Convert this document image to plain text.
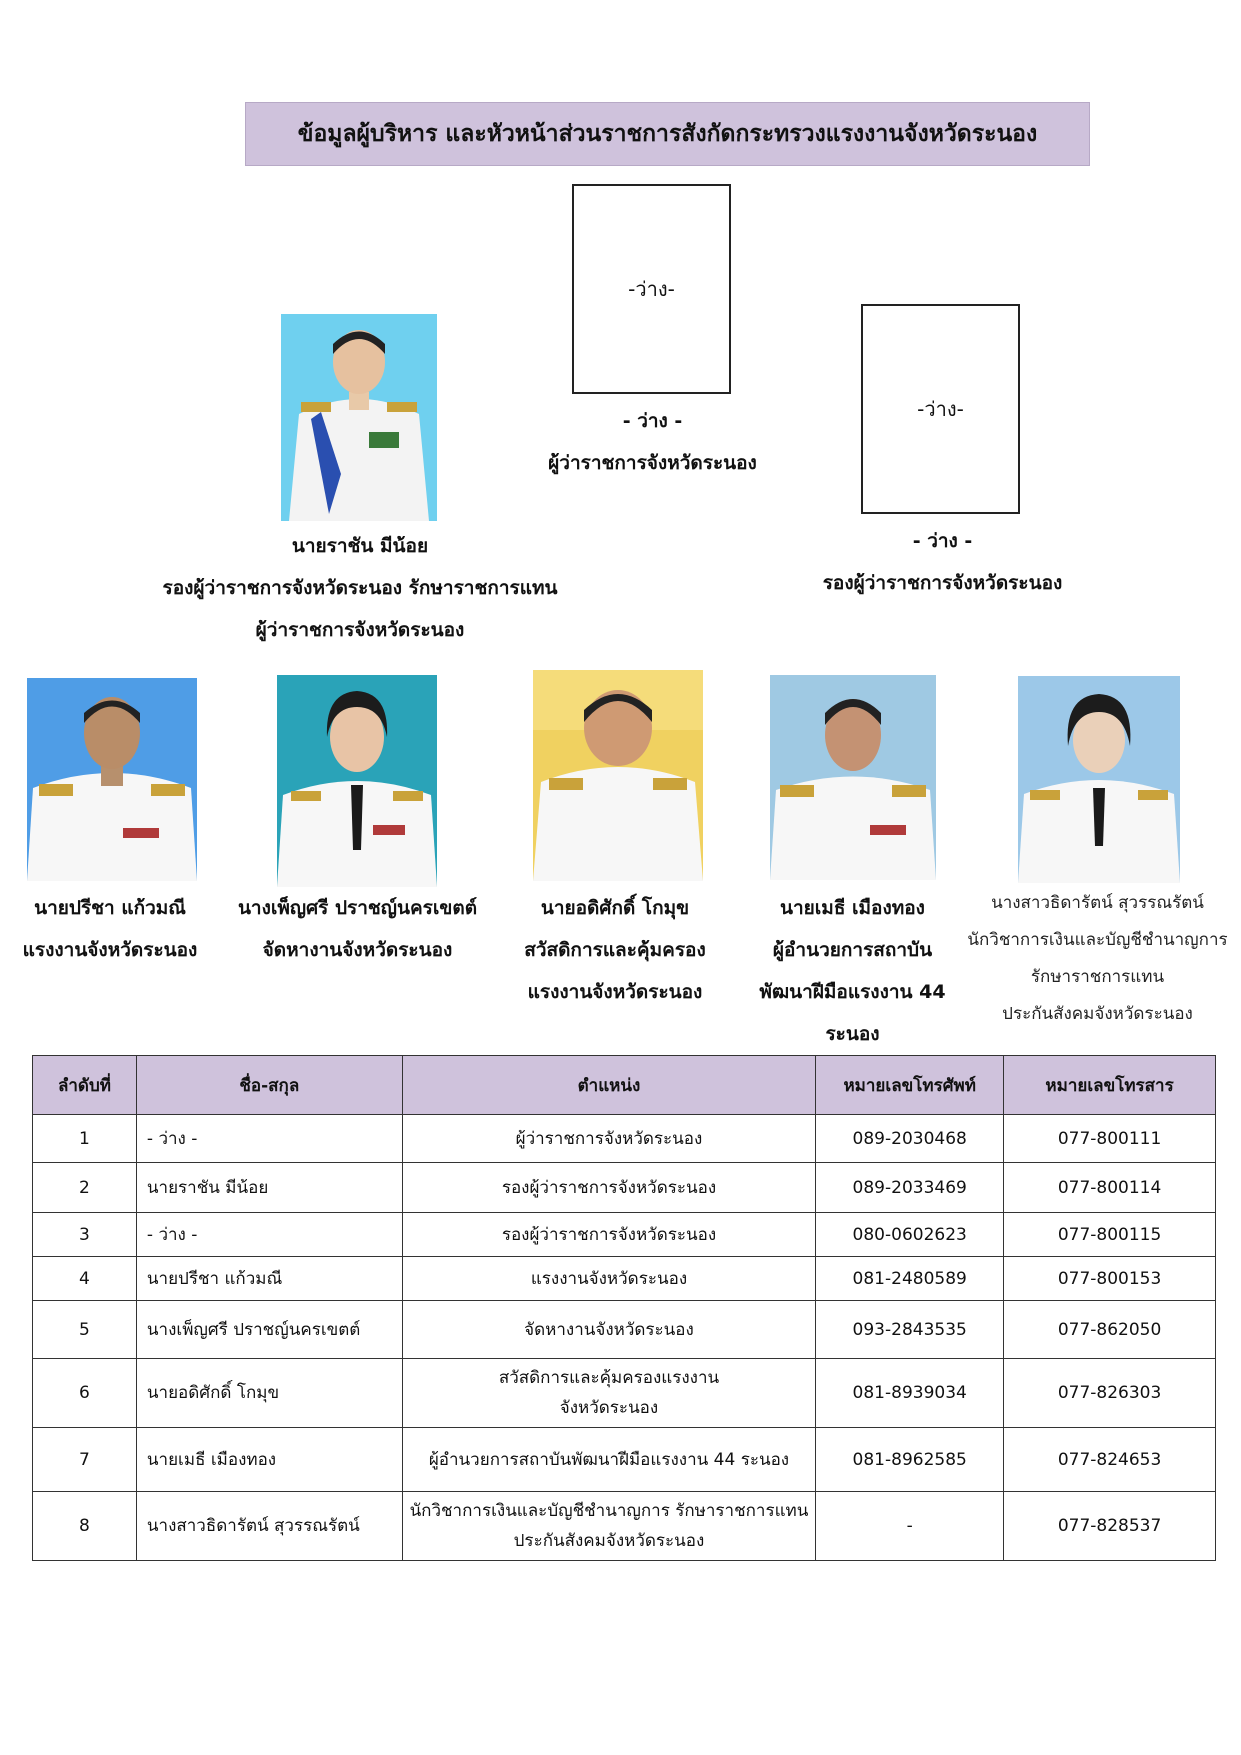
ข้อมูลผู้บริหาร และหัวหน้าส่วนราชการสังกัดกระทรวงแรงงานจังหวัดระนอง
-ว่าง-
- ว่าง -
ผู้ว่าราชการจังหวัดระนอง
นายราชัน มีน้อย
รองผู้ว่าราชการจังหวัดระนอง รักษาราชการแทน
ผู้ว่าราชการจังหวัดระนอง
-ว่าง-
- ว่าง -
รองผู้ว่าราชการจังหวัดระนอง
นายปรีชา แก้วมณี
แรงงานจังหวัดระนอง
นางเพ็ญศรี ปราชญ์นครเขตต์
จัดหางานจังหวัดระนอง
นายอดิศักดิ์ โกมุข
สวัสดิการและคุ้มครอง
แรงงานจังหวัดระนอง
นายเมธี เมืองทอง
ผู้อำนวยการสถาบัน
พัฒนาฝีมือแรงงาน 44
ระนอง
นางสาวธิดารัตน์ สุวรรณรัตน์
นักวิชาการเงินและบัญชีชำนาญการ
รักษาราชการแทน
ประกันสังคมจังหวัดระนอง
ลำดับที่	ชื่อ-สกุล	ตำแหน่ง	หมายเลขโทรศัพท์	หมายเลขโทรสาร
1	- ว่าง -	ผู้ว่าราชการจังหวัดระนอง	089-2030468	077-800111
2	นายราชัน มีน้อย	รองผู้ว่าราชการจังหวัดระนอง	089-2033469	077-800114
3	- ว่าง -	รองผู้ว่าราชการจังหวัดระนอง	080-0602623	077-800115
4	นายปรีชา แก้วมณี	แรงงานจังหวัดระนอง	081-2480589	077-800153
5	นางเพ็ญศรี ปราชญ์นครเขตต์	จัดหางานจังหวัดระนอง	093-2843535	077-862050
6	นายอดิศักดิ์ โกมุข	สวัสดิการและคุ้มครองแรงงาน
จังหวัดระนอง	081-8939034	077-826303
7	นายเมธี เมืองทอง	ผู้อำนวยการสถาบันพัฒนาฝีมือแรงงาน 44 ระนอง	081-8962585	077-824653
8	นางสาวธิดารัตน์ สุวรรณรัตน์	นักวิชาการเงินและบัญชีชำนาญการ รักษาราชการแทน
ประกันสังคมจังหวัดระนอง	-	077-828537
